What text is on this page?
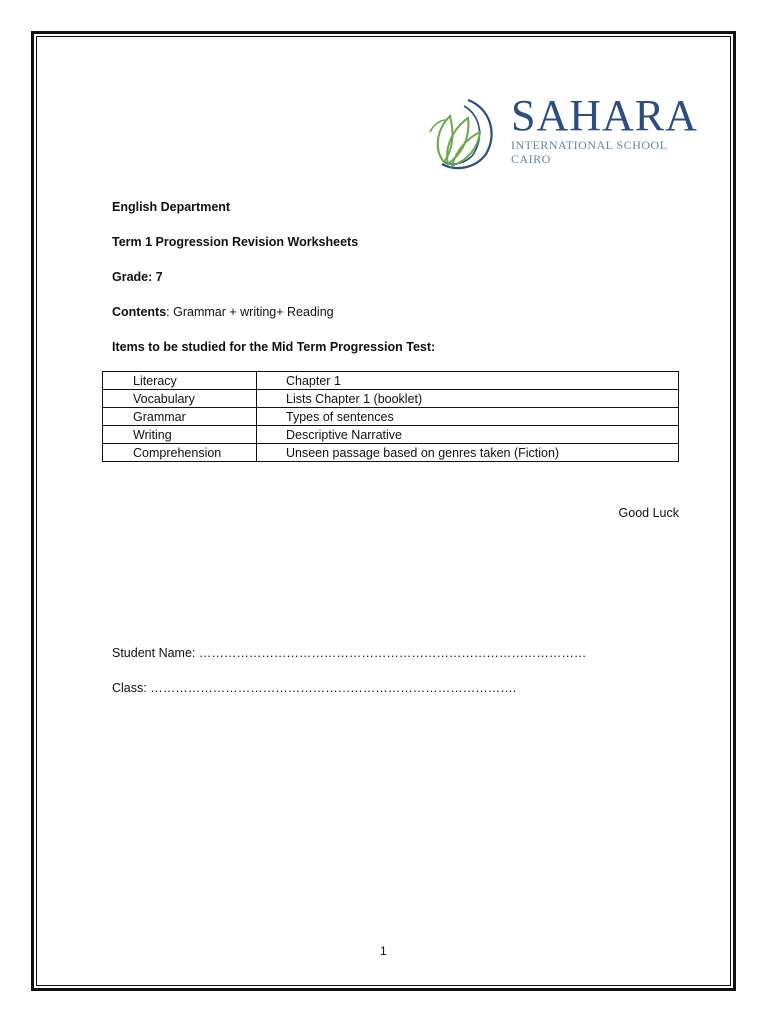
SAHARA
INTERNATIONAL SCHOOL
CAIRO
English Department
Term 1 Progression Revision Worksheets
Grade: 7
Contents: Grammar + writing+ Reading
Items to be studied for the Mid Term Progression Test:
Literacy	Chapter 1
Vocabulary	Lists Chapter 1 (booklet)
Grammar	Types of sentences
Writing	Descriptive Narrative
Comprehension	Unseen passage based on genres taken (Fiction)
Good Luck
Student Name: …………………………………………………………………………………
Class: …………………………………………………………………………….
1
